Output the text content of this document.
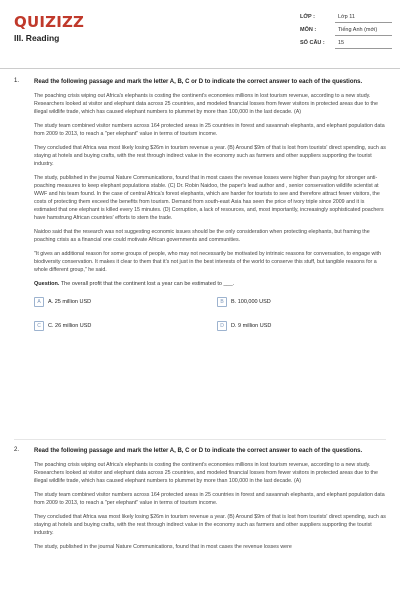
QUIZIZZ
III. Reading
LỚP :	Lớp 11
MÔN :	Tiếng Anh (mới)
SỐ CÂU :	15
1. Read the following passage and mark the letter A, B, C or D to indicate the correct answer to each of the questions.
The poaching crisis wiping out Africa's elephants is costing the continent's economies millions in lost tourism revenue, according to a new study. Researchers looked at visitor and elephant data across 25 countries, and modeled financial losses from fewer visitors in protected areas due to the illegal wildlife trade, which has caused elephant numbers to plummet by more than 100,000 in the last decade. (A)
The study team combined visitor numbers across 164 protected areas in 25 countries in forest and savannah elephants, and elephant population data from 2009 to 2013, to reach a "per elephant" value in terms of tourism income.
They concluded that Africa was most likely losing $26m in tourism revenue a year. (B) Around $9m of that is lost from tourists' direct spending, such as staying at hotels and buying crafts, with the rest through indirect value in the economy such as farmers and other suppliers supporting the tourist industry.
The study, published in the journal Nature Communications, found that in most cases the revenue losses were higher than paying for stronger anti-poaching measures to keep elephant populations stable. (C) Dr. Robin Naidoo, the paper's lead author and , senior conservation wildlife scientist at WWF and his team found. In the case of central Africa's forest elephants, which are harder for tourists to see and therefore attract fewer visitors, the costs of protecting them exceed the benefits from tourism. Demand from south-east Asia has seen the price of ivory triple since 2009 and it is estimated that one elephant is killed every 15 minutes. (D) Corruption, a lack of resources, and, most importantly, increasingly sophisticated poachers have hamstrung African countries' efforts to stem the trade.
Naidoo said that the research was not suggesting economic issues should be the only consideration when protecting elephants, but framing the poaching crisis as a financial one could motivate African governments and communities.
"It gives an additional reason for some groups of people, who may not necessarily be motivated by intrinsic reasons for conversation, to engage with biodiversity conservation. It makes it clear to them that it's not just in the best interests of the world to conserve this stuff, but tangible reasons for a whole different group," he said.
Question. The overall profit that the continent lost a year can be estimated to ___.
A	A. 25 million USD	B	B. 100,000 USD
C	C. 26 million USD	D	D. 9 million USD
2. Read the following passage and mark the letter A, B, C or D to indicate the correct answer to each of the questions.
The poaching crisis wiping out Africa's elephants is costing the continent's economies millions in lost tourism revenue, according to a new study. Researchers looked at visitor and elephant data across 25 countries, and modeled financial losses from fewer visitors in protected areas due to the illegal wildlife trade, which has caused elephant numbers to plummet by more than 100,000 in the last decade. (A)
The study team combined visitor numbers across 164 protected areas in 25 countries in forest and savannah elephants, and elephant population data from 2009 to 2013, to reach a "per elephant" value in terms of tourism income.
They concluded that Africa was most likely losing $26m in tourism revenue a year. (B) Around $9m of that is lost from tourists' direct spending, such as staying at hotels and buying crafts, with the rest through indirect value in the economy such as farmers and other suppliers supporting the tourist industry.
The study, published in the journal Nature Communications, found that in most cases the revenue losses were
